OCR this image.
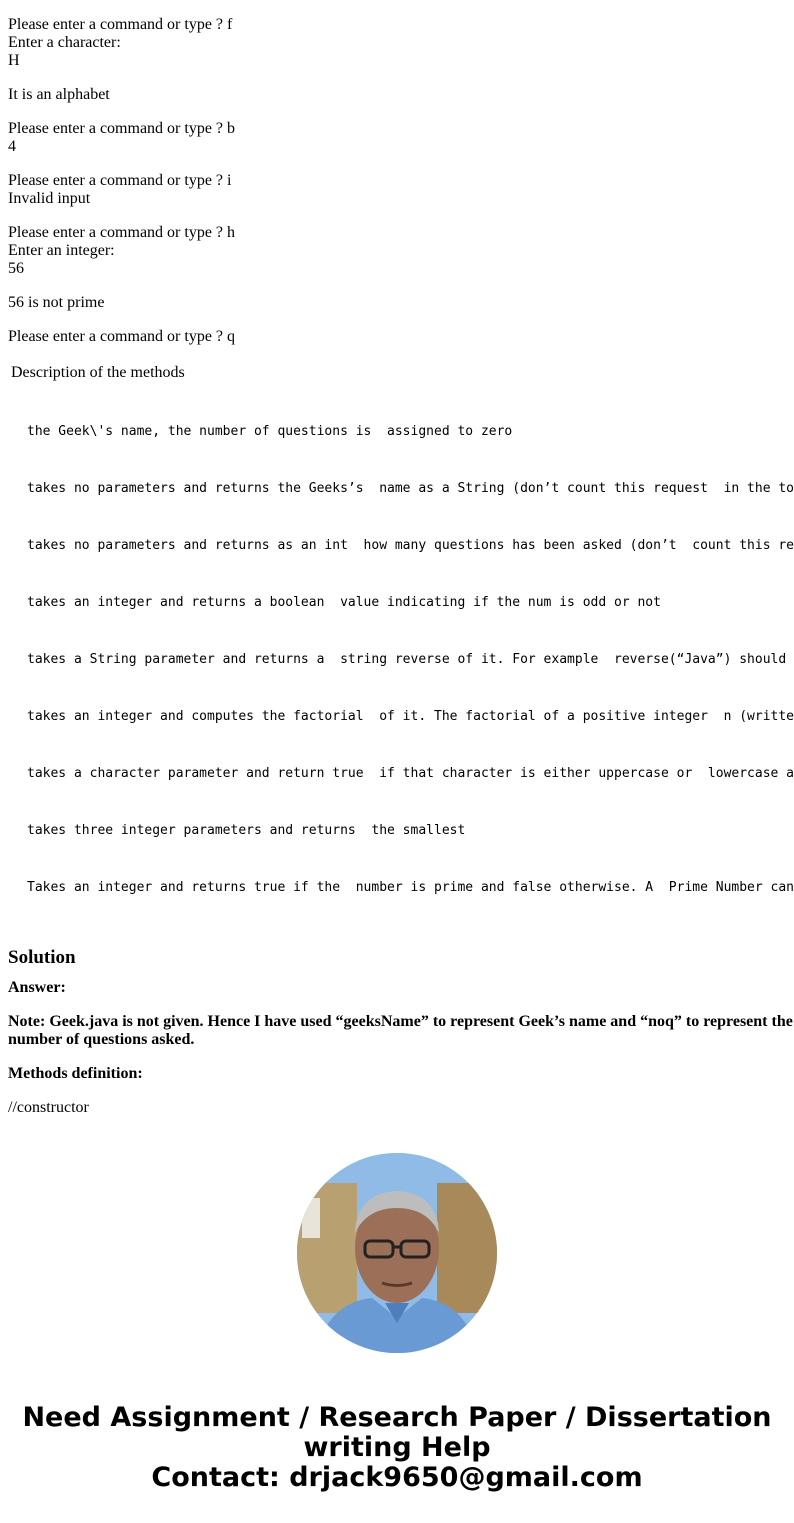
Please enter a command or type ? f
Enter a character:
H
It is an alphabet
Please enter a command or type ? b
4
Please enter a command or type ? i
Invalid input
Please enter a command or type ? h
Enter an integer:
56
56 is not prime
Please enter a command or type ? q
Description of the methods

the Geek\'s name, the number of questions is  assigned to zero

takes no parameters and returns the Geeks’s  name as a String (don’t count this request  in the to

takes no parameters and returns as an int  how many questions has been asked (don’t  count this re

takes an integer and returns a boolean  value indicating if the num is odd or not

takes a String parameter and returns a  string reverse of it. For example  reverse(“Java”) should

takes an integer and computes the factorial  of it. The factorial of a positive integer  n (writte

takes a character parameter and return true  if that character is either uppercase or  lowercase a

takes three integer parameters and returns  the smallest

Takes an integer and returns true if the  number is prime and false otherwise. A  Prime Number can

Solution
Answer:
Note: Geek.java is not given. Hence I have used “geeksName” to represent Geek’s name and “noq” to represent the number of questions asked.
Methods definition:
//constructor
Need Assignment / Research Paper / Dissertation
writing Help
Contact: drjack9650@gmail.com
